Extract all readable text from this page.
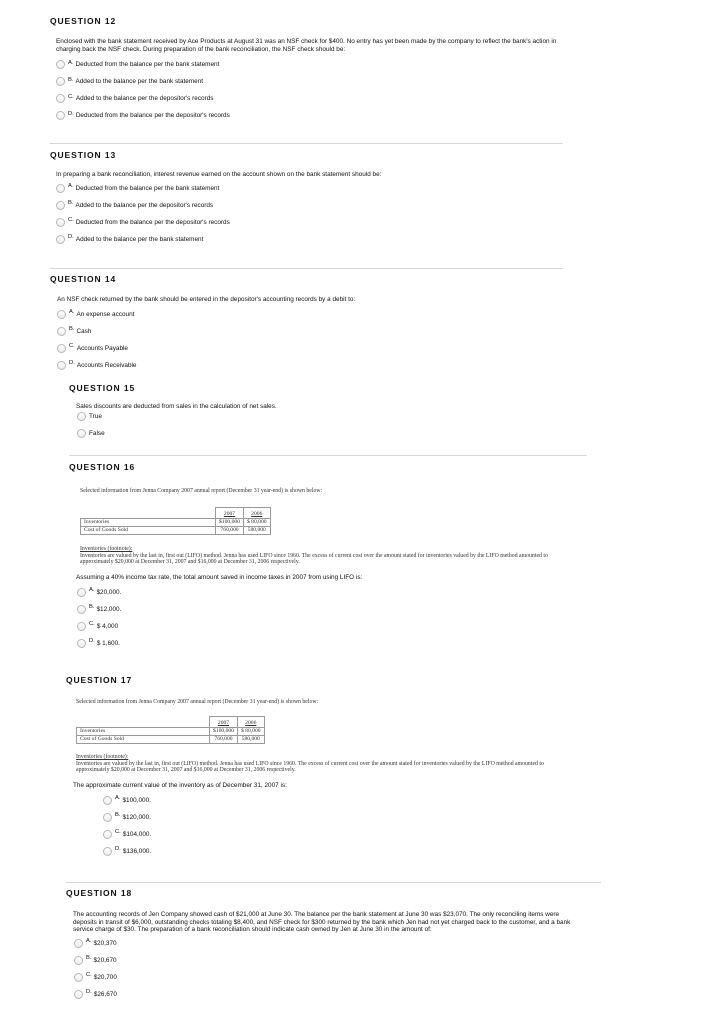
QUESTION 12

Enclosed with the bank statement received by Ace Products at August 31 was an NSF check for $400. No entry has yet been made by the company to reflect the bank's action in charging back the NSF check. During preparation of the bank reconciliation, the NSF check should be:

A. Deducted from the balance per the bank statement
B. Added to the balance per the bank statement
C. Added to the balance per the depositor's records
D. Deducted from the balance per the depositor's records

QUESTION 13

In preparing a bank reconciliation, interest revenue earned on the account shown on the bank statement should be:

A. Deducted from the balance per the bank statement
B. Added to the balance per the depositor's records
C. Deducted from the balance per the depositor's records
D. Added to the balance per the bank statement

QUESTION 14

An NSF check returned by the bank should be entered in the depositor's accounting records by a debit to:

A. An expense account
B. Cash
C. Accounts Payable
D. Accounts Receivable

QUESTION 15

Sales discounts are deducted from sales in the calculation of net sales.

True
False

QUESTION 16

Selected information from Jenna Company 2007 annual report (December 31 year-end) is shown below:

	2007	2006
Inventories	$100,000	$ 80,000
Cost of Goods Sold	760,000	580,000

Inventories (footnote):

Inventories are valued by the last in, first out (LIFO) method. Jenna has used LIFO since 1960. The excess of current cost over the amount stated for inventories valued by the LIFO method amounted to approximately $20,000 at December 31, 2007 and $16,000 at December 31, 2006 respectively.

Assuming a 40% income tax rate, the total amount saved in income taxes in 2007 from using LIFO is:

A. $20,000.
B. $12,000.
C. $ 4,000
D. $ 1,600.

QUESTION 17

Selected information from Jenna Company 2007 annual report (December 31 year-end) is shown below:

	2007	2006
Inventories	$100,000	$ 80,000
Cost of Goods Sold	760,000	580,000

Inventories (footnote):

Inventories are valued by the last in, first out (LIFO) method. Jenna has used LIFO since 1960. The excess of current cost over the amount stated for inventories valued by the LIFO method amounted to approximately $20,000 at December 31, 2007 and $16,000 at December 31, 2006 respectively.

The approximate current value of the inventory as of December 31, 2007 is:

A. $100,000.
B. $120,000.
C. $104,000.
D. $136,000.

QUESTION 18

The accounting records of Jen Company showed cash of $21,000 at June 30. The balance per the bank statement at June 30 was $23,070. The only reconciling items were deposits in transit of $6,000, outstanding checks totaling $8,400, and NSF check for $300 returned by the bank which Jen had not yet charged back to the customer, and a bank service charge of $30. The preparation of a bank reconciliation should indicate cash owned by Jen at June 30 in the amount of:

A. $20,370
B. $20,670
C. $20,700
D. $26,670
